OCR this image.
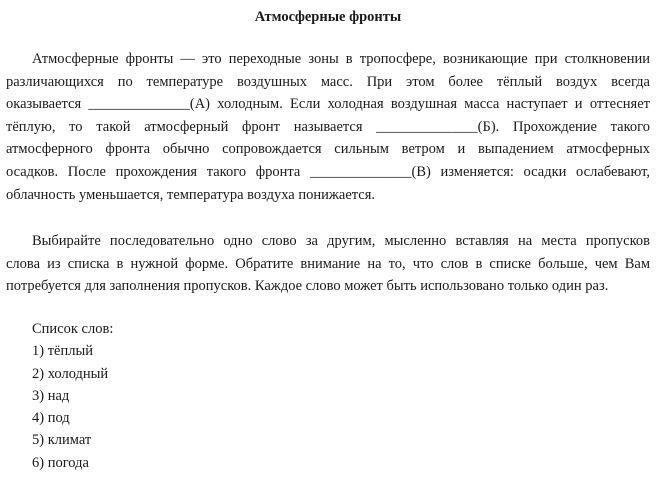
Атмосферные фронты
Атмосферные фронты — это переходные зоны в тропосфере, возникающие при столкновении
различающихся по температуре воздушных масс. При этом более тёплый воздух всегда
оказывается ______________(А) холодным. Если холодная воздушная масса наступает и оттесняет
тёплую, то такой атмосферный фронт называется ______________(Б). Прохождение такого
атмосферного фронта обычно сопровождается сильным ветром и выпадением атмосферных
осадков. После прохождения такого фронта ______________(В) изменяется: осадки ослабевают,
облачность уменьшается, температура воздуха понижается.
Выбирайте последовательно одно слово за другим, мысленно вставляя на места пропусков
слова из списка в нужной форме. Обратите внимание на то, что слов в списке больше, чем Вам
потребуется для заполнения пропусков. Каждое слово может быть использовано только один раз.
Список слов:
1) тёплый
2) холодный
3) над
4) под
5) климат
6) погода
